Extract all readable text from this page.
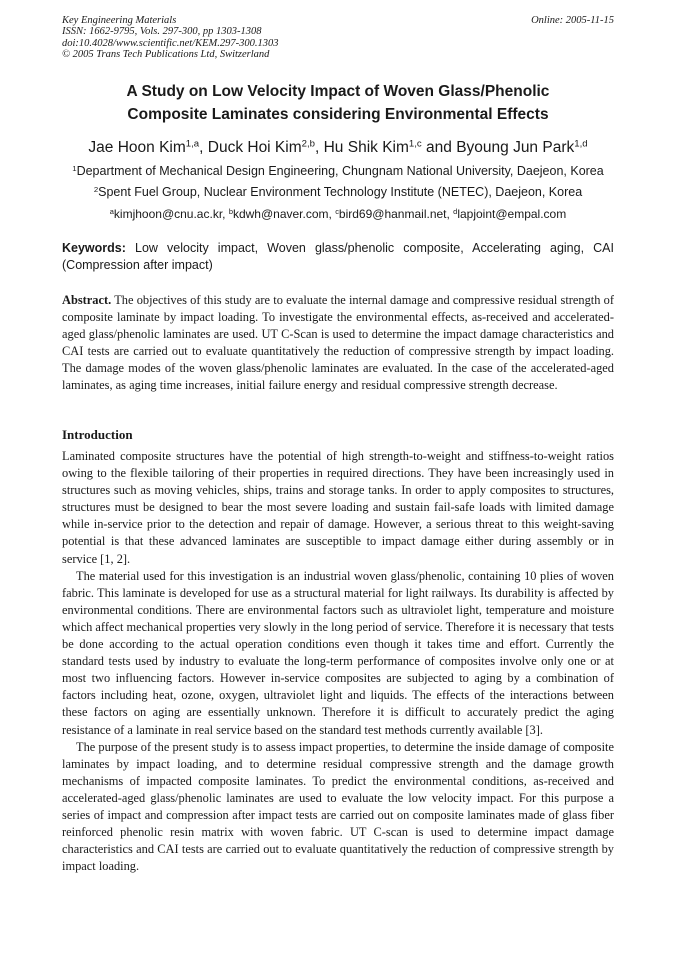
Key Engineering Materials
ISSN: 1662-9795, Vols. 297-300, pp 1303-1308
doi:10.4028/www.scientific.net/KEM.297-300.1303
© 2005 Trans Tech Publications Ltd, Switzerland
Online: 2005-11-15
A Study on Low Velocity Impact of Woven Glass/Phenolic
Composite Laminates considering Environmental Effects
Jae Hoon Kim$^{1,a}$, Duck Hoi Kim$^{2,b}$, Hu Shik Kim$^{1,c}$ and Byoung Jun Park$^{1,d}$
$^1$Department of Mechanical Design Engineering, Chungnam National University, Daejeon, Korea
$^2$Spent Fuel Group, Nuclear Environment Technology Institute (NETEC), Daejeon, Korea
$^a$kimjhoon@cnu.ac.kr, $^b$kdwh@naver.com, $^c$bird69@hanmail.net, $^d$lapjoint@empal.com
Keywords: Low velocity impact, Woven glass/phenolic composite, Accelerating aging, CAI (Compression after impact)

Abstract. The objectives of this study are to evaluate the internal damage and compressive residual strength of composite laminate by impact loading. To investigate the environmental effects, as-received and accelerated-aged glass/phenolic laminates are used. UT C-Scan is used to determine the impact damage characteristics and CAI tests are carried out to evaluate quantitatively the reduction of compressive strength by impact loading. The damage modes of the woven glass/phenolic laminates are evaluated. In the case of the accelerated-aged laminates, as aging time increases, initial failure energy and residual compressive strength decrease.

Introduction

Laminated composite structures have the potential of high strength-to-weight and stiffness-to-weight ratios owing to the flexible tailoring of their properties in required directions. They have been increasingly used in structures such as moving vehicles, ships, trains and storage tanks. In order to apply composites to structures, structures must be designed to bear the most severe loading and sustain fail-safe loads with limited damage while in-service prior to the detection and repair of damage. However, a serious threat to this weight-saving potential is that these advanced laminates are susceptible to impact damage either during assembly or in service [1, 2].

The material used for this investigation is an industrial woven glass/phenolic, containing 10 plies of woven fabric. This laminate is developed for use as a structural material for light railways. Its durability is affected by environmental conditions. There are environmental factors such as ultraviolet light, temperature and moisture which affect mechanical properties very slowly in the long period of service. Therefore it is necessary that tests be done according to the actual operation conditions even though it takes time and effort. Currently the standard tests used by industry to evaluate the long-term performance of composites involve only one or at most two influencing factors. However in-service composites are subjected to aging by a combination of factors including heat, ozone, oxygen, ultraviolet light and liquids. The effects of the interactions between these factors on aging are essentially unknown. Therefore it is difficult to accurately predict the aging resistance of a laminate in real service based on the standard test methods currently available [3].

The purpose of the present study is to assess impact properties, to determine the inside damage of composite laminates by impact loading, and to determine residual compressive strength and the damage growth mechanisms of impacted composite laminates. To predict the environmental conditions, as-received and accelerated-aged glass/phenolic laminates are used to evaluate the low velocity impact. For this purpose a series of impact and compression after impact tests are carried out on composite laminates made of glass fiber reinforced phenolic resin matrix with woven fabric. UT C-scan is used to determine impact damage characteristics and CAI tests are carried out to evaluate quantitatively the reduction of compressive strength by impact loading.
